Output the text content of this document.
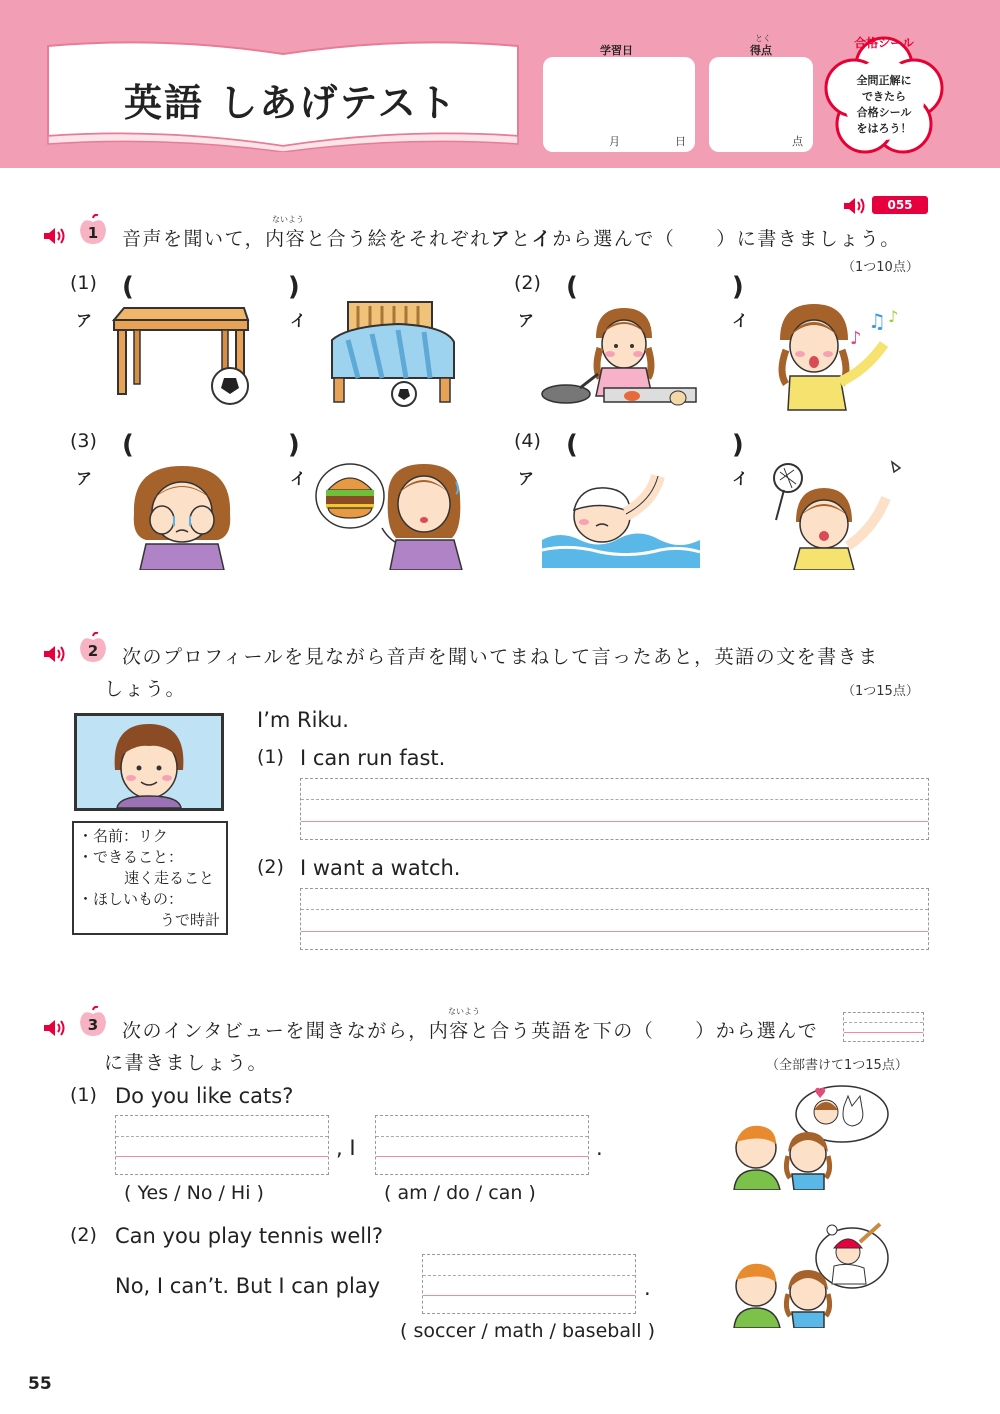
英語 しあげテスト
学習日
月	日
とく
得点
点
合格シール
全問正解に
できたら
合格シール
をはろう！
055
1
ないよう
音声を聞いて，内容と合う絵をそれぞれアとイから選んで（　　）に書きましょう。
（1つ10点）
(1) (　　)
ア	イ
(2) (　　)
ア	イ
♪
♫ ♪
(3) (　　)
ア	イ
(4) (　　)
ア	イ
2	次のプロフィールを見ながら音声を聞いてまねして言ったあと，英語の文を書きま
しょう。	（1つ15点）
・名前：リク
・できること：
速く走ること
・ほしいもの：
うで時計
I’m Riku.
(1) I can run fast.
(2) I want a watch.
3
ないよう
次のインタビューを聞きながら，内容と合う英語を下の（　　）から選んで
に書きましょう。	（全部書けて1つ15点）
(1) Do you like cats?
, I	.
( Yes / No / Hi )	( am / do / can )
♥
(2) Can you play tennis well?
No, I can’t. But I can play	.
( soccer / math / baseball )
55
